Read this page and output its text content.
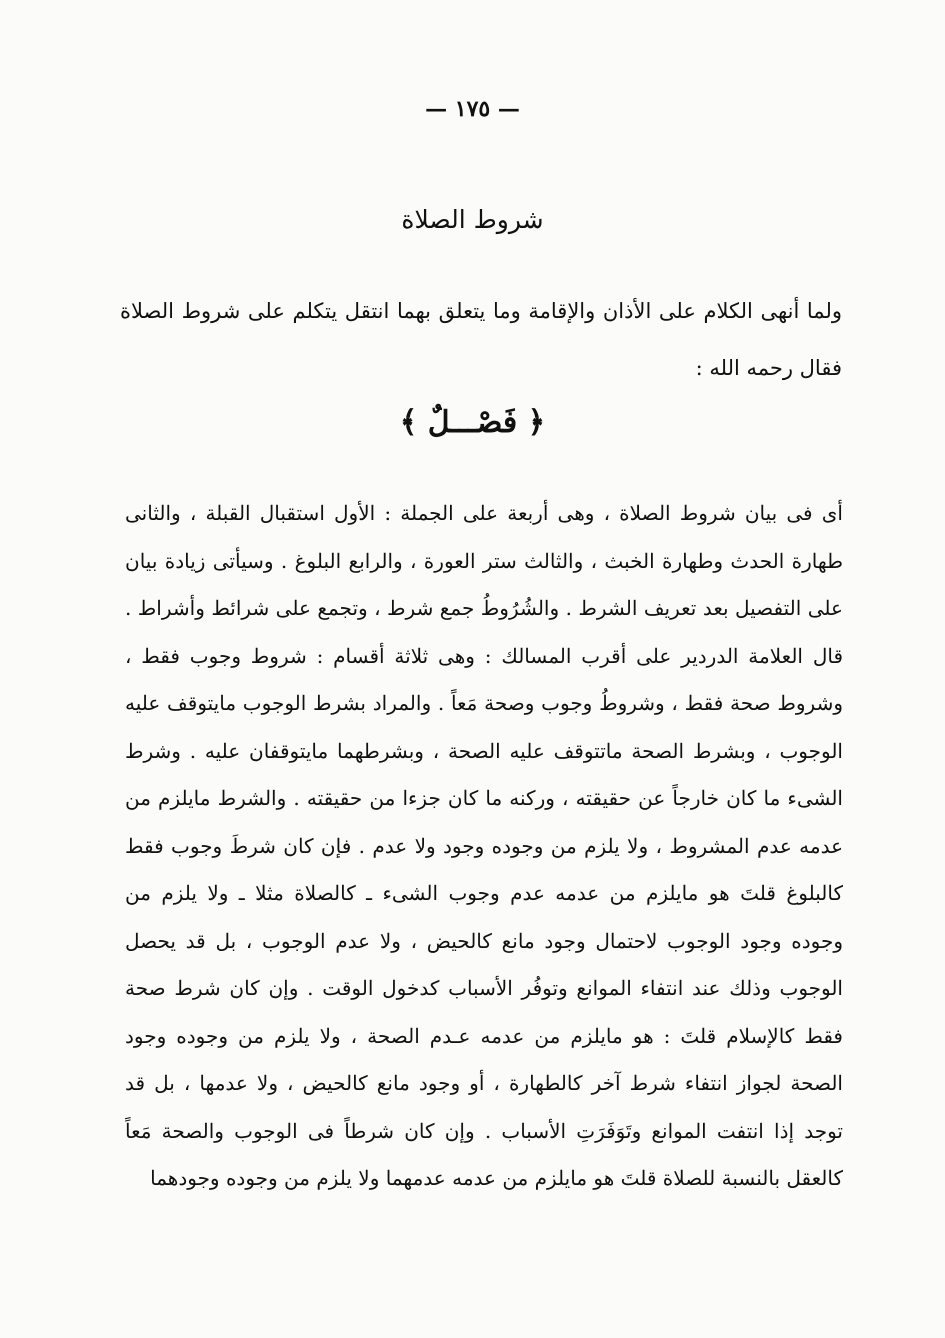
— ١٧٥ —
شروط الصلاة
ولما أنهى الكلام على الأذان والإقامة وما يتعلق بهما انتقل يتكلم على شروط الصلاة فقال رحمه الله :
﴿ فَصْـــلٌ ﴾
أى فى بيان شروط الصلاة ، وهى أربعة على الجملة : الأول استقبال القبلة ، والثانى
طهارة الحدث وطهارة الخبث ، والثالث ستر العورة ، والرابع البلوغ . وسيأتى زيادة بيان
على التفصيل بعد تعريف الشرط . والشُرُوطُ جمع شرط ، وتجمع على شرائط وأشراط .
قال العلامة الدردير على أقرب المسالك : وهى ثلاثة أقسام : شروط وجوب فقط ،
وشروط صحة فقط ، وشروطُ وجوب وصحة مَعاً . والمراد بشرط الوجوب مايتوقف عليه
الوجوب ، وبشرط الصحة ماتتوقف عليه الصحة ، وبشرطهما مايتوقفان عليه . وشرط
الشىء ما كان خارجاً عن حقيقته ، وركنه ما كان جزءا من حقيقته . والشرط مايلزم من
عدمه عدم المشروط ، ولا يلزم من وجوده وجود ولا عدم . فإن كان شرطَ وجوب فقط
كالبلوغ قلتَ هو مايلزم من عدمه عدم وجوب الشىء ـ كالصلاة مثلا ـ ولا يلزم من
وجوده وجود الوجوب لاحتمال وجود مانع كالحيض ، ولا عدم الوجوب ، بل قد يحصل
الوجوب وذلك عند انتفاء الموانع وتوفُر الأسباب كدخول الوقت . وإن كان شرط صحة
فقط كالإسلام قلتَ : هو مايلزم من عدمه عـدم الصحة ، ولا يلزم من وجوده وجود
الصحة لجواز انتفاء شرط آخر كالطهارة ، أو وجود مانع كالحيض ، ولا عدمها ، بل قد
توجد إذا انتفت الموانع وتَوَفَرَتِ الأسباب . وإن كان شرطاً فى الوجوب والصحة مَعاً
كالعقل بالنسبة للصلاة قلتَ هو مايلزم من عدمه عدمهما ولا يلزم من وجوده وجودهما
